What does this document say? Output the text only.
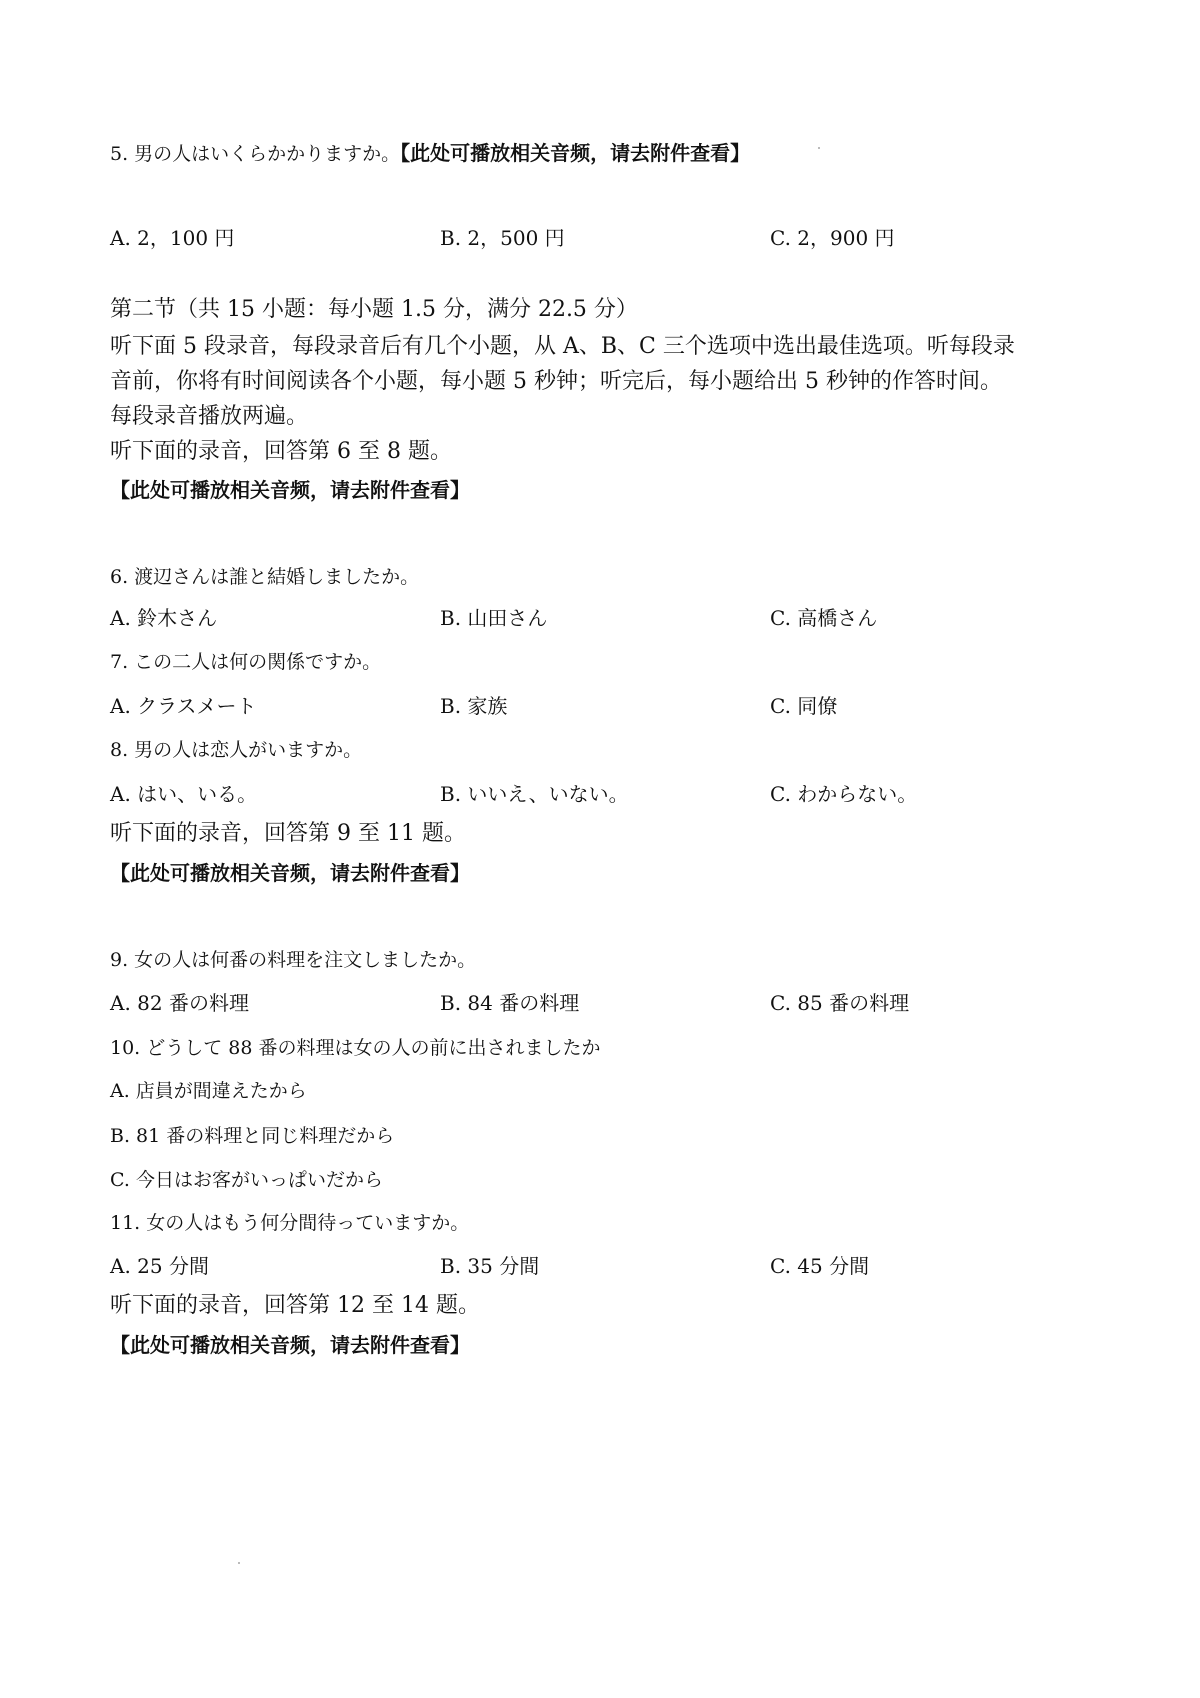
5. 男の人はいくらかかりますか。【此处可播放相关音频，请去附件查看】
A. 2，100 円	B. 2，500 円	C. 2，900 円
第二节（共 15 小题：每小题 1.5 分，满分 22.5 分）
听下面 5 段录音，每段录音后有几个小题，从 A、B、C 三个选项中选出最佳选项。听每段录
音前，你将有时间阅读各个小题，每小题 5 秒钟；听完后，每小题给出 5 秒钟的作答时间。
每段录音播放两遍。
听下面的录音，回答第 6 至 8 题。
【此处可播放相关音频，请去附件查看】
6. 渡辺さんは誰と結婚しましたか。
A. 鈴木さん	B. 山田さん	C. 高橋さん
7. この二人は何の関係ですか。
A. クラスメート	B. 家族	C. 同僚
8. 男の人は恋人がいますか。
A. はい、いる。	B. いいえ、いない。	C. わからない。
听下面的录音，回答第 9 至 11 题。
【此处可播放相关音频，请去附件查看】
9. 女の人は何番の料理を注文しましたか。
A. 82 番の料理	B. 84 番の料理	C. 85 番の料理
10. どうして 88 番の料理は女の人の前に出されましたか
A. 店員が間違えたから
B. 81 番の料理と同じ料理だから
C. 今日はお客がいっぱいだから
11. 女の人はもう何分間待っていますか。
A. 25 分間	B. 35 分間	C. 45 分間
听下面的录音，回答第 12 至 14 题。
【此处可播放相关音频，请去附件查看】
